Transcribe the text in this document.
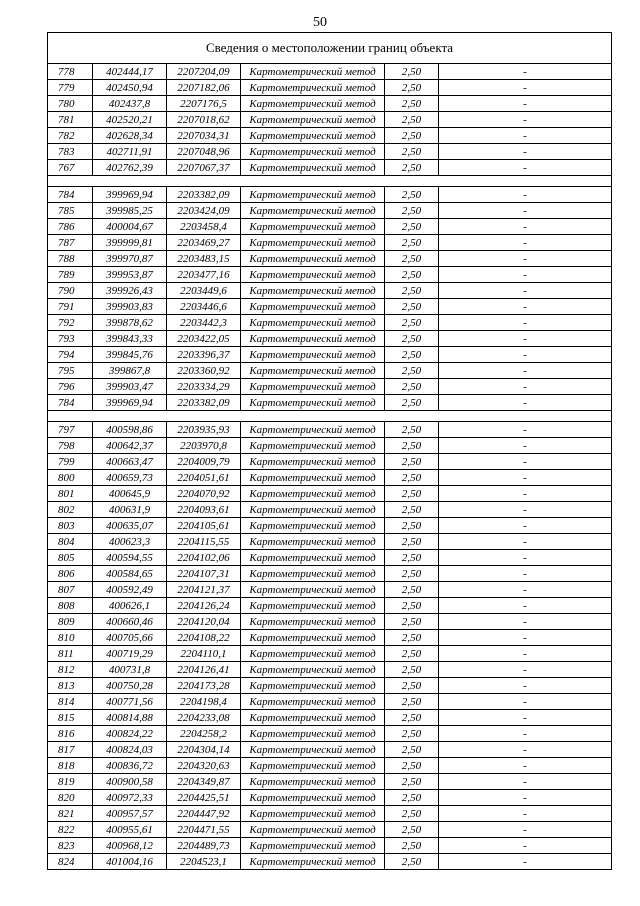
50
Сведения о местоположении границ объекта					
778	402444,17	2207204,09	Картометрический метод	2,50	-
779	402450,94	2207182,06	Картометрический метод	2,50	-
780	402437,8	2207176,5	Картометрический метод	2,50	-
781	402520,21	2207018,62	Картометрический метод	2,50	-
782	402628,34	2207034,31	Картометрический метод	2,50	-
783	402711,91	2207048,96	Картометрический метод	2,50	-
767	402762,39	2207067,37	Картометрический метод	2,50	-

784	399969,94	2203382,09	Картометрический метод	2,50	-
785	399985,25	2203424,09	Картометрический метод	2,50	-
786	400004,67	2203458,4	Картометрический метод	2,50	-
787	399999,81	2203469,27	Картометрический метод	2,50	-
788	399970,87	2203483,15	Картометрический метод	2,50	-
789	399953,87	2203477,16	Картометрический метод	2,50	-
790	399926,43	2203449,6	Картометрический метод	2,50	-
791	399903,83	2203446,6	Картометрический метод	2,50	-
792	399878,62	2203442,3	Картометрический метод	2,50	-
793	399843,33	2203422,05	Картометрический метод	2,50	-
794	399845,76	2203396,37	Картометрический метод	2,50	-
795	399867,8	2203360,92	Картометрический метод	2,50	-
796	399903,47	2203334,29	Картометрический метод	2,50	-
784	399969,94	2203382,09	Картометрический метод	2,50	-

797	400598,86	2203935,93	Картометрический метод	2,50	-
798	400642,37	2203970,8	Картометрический метод	2,50	-
799	400663,47	2204009,79	Картометрический метод	2,50	-
800	400659,73	2204051,61	Картометрический метод	2,50	-
801	400645,9	2204070,92	Картометрический метод	2,50	-
802	400631,9	2204093,61	Картометрический метод	2,50	-
803	400635,07	2204105,61	Картометрический метод	2,50	-
804	400623,3	2204115,55	Картометрический метод	2,50	-
805	400594,55	2204102,06	Картометрический метод	2,50	-
806	400584,65	2204107,31	Картометрический метод	2,50	-
807	400592,49	2204121,37	Картометрический метод	2,50	-
808	400626,1	2204126,24	Картометрический метод	2,50	-
809	400660,46	2204120,04	Картометрический метод	2,50	-
810	400705,66	2204108,22	Картометрический метод	2,50	-
811	400719,29	2204110,1	Картометрический метод	2,50	-
812	400731,8	2204126,41	Картометрический метод	2,50	-
813	400750,28	2204173,28	Картометрический метод	2,50	-
814	400771,56	2204198,4	Картометрический метод	2,50	-
815	400814,88	2204233,08	Картометрический метод	2,50	-
816	400824,22	2204258,2	Картометрический метод	2,50	-
817	400824,03	2204304,14	Картометрический метод	2,50	-
818	400836,72	2204320,63	Картометрический метод	2,50	-
819	400900,58	2204349,87	Картометрический метод	2,50	-
820	400972,33	2204425,51	Картометрический метод	2,50	-
821	400957,57	2204447,92	Картометрический метод	2,50	-
822	400955,61	2204471,55	Картометрический метод	2,50	-
823	400968,12	2204489,73	Картометрический метод	2,50	-
824	401004,16	2204523,1	Картометрический метод	2,50	-
